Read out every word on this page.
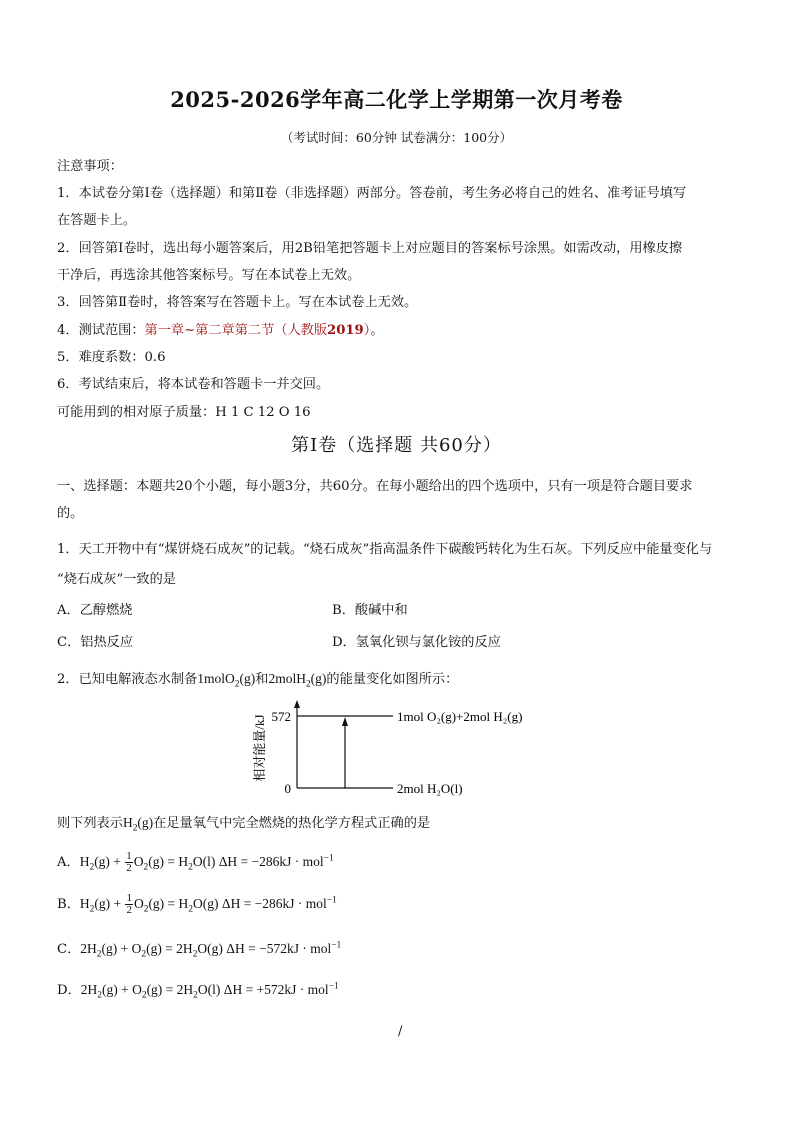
2025-2026学年高二化学上学期第一次月考卷
（考试时间：60分钟 试卷满分：100分）
注意事项：
1．本试卷分第Ⅰ卷（选择题）和第Ⅱ卷（非选择题）两部分。答卷前，考生务必将自己的姓名、准考证号填写
在答题卡上。
2．回答第Ⅰ卷时，选出每小题答案后，用2B铅笔把答题卡上对应题目的答案标号涂黑。如需改动，用橡皮擦
干净后，再选涂其他答案标号。写在本试卷上无效。
3．回答第Ⅱ卷时，将答案写在答题卡上。写在本试卷上无效。
4．测试范围：第一章~第二章第二节（人教版2019）。
5．难度系数：0.6
6．考试结束后，将本试卷和答题卡一并交回。
可能用到的相对原子质量：H 1 C 12 O 16
第Ⅰ卷（选择题 共60分）
一、选择题：本题共20个小题，每小题3分，共60分。在每小题给出的四个选项中，只有一项是符合题目要求
的。
1．天工开物中有“煤饼烧石成灰”的记载。“烧石成灰”指高温条件下碳酸钙转化为生石灰。下列反应中能量变化与
“烧石成灰”一致的是
A．乙醇燃烧	B．酸碱中和
C．铝热反应	D．氢氧化钡与氯化铵的反应
2．已知电解液态水制备1molO$_2$(g)和2molH$_2$(g)的能量变化如图所示：
相对能量/kJ 572
0
1mol O₂(g)+2mol H₂(g)
2mol H₂O(l)
则下列表示$H_2(g)$在足量氧气中完全燃烧的热化学方程式正确的是
A．$H_2(g) + \frac{1}{2} O_2(g) = H_2O(l) \Delta H = -286kJ \cdot mol^{-1}$
B．$H_2(g) + \frac{1}{2} O_2(g) = H_2O(g) \Delta H = -286kJ \cdot mol^{-1}$
C．$2H_2(g) + O_2(g) = 2H_2O(g) \Delta H = -572kJ \cdot mol^{-1}$
D．$2H_2(g) + O_2(g) = 2H_2O(l) \Delta H = +572kJ \cdot mol^{-1}$
/
